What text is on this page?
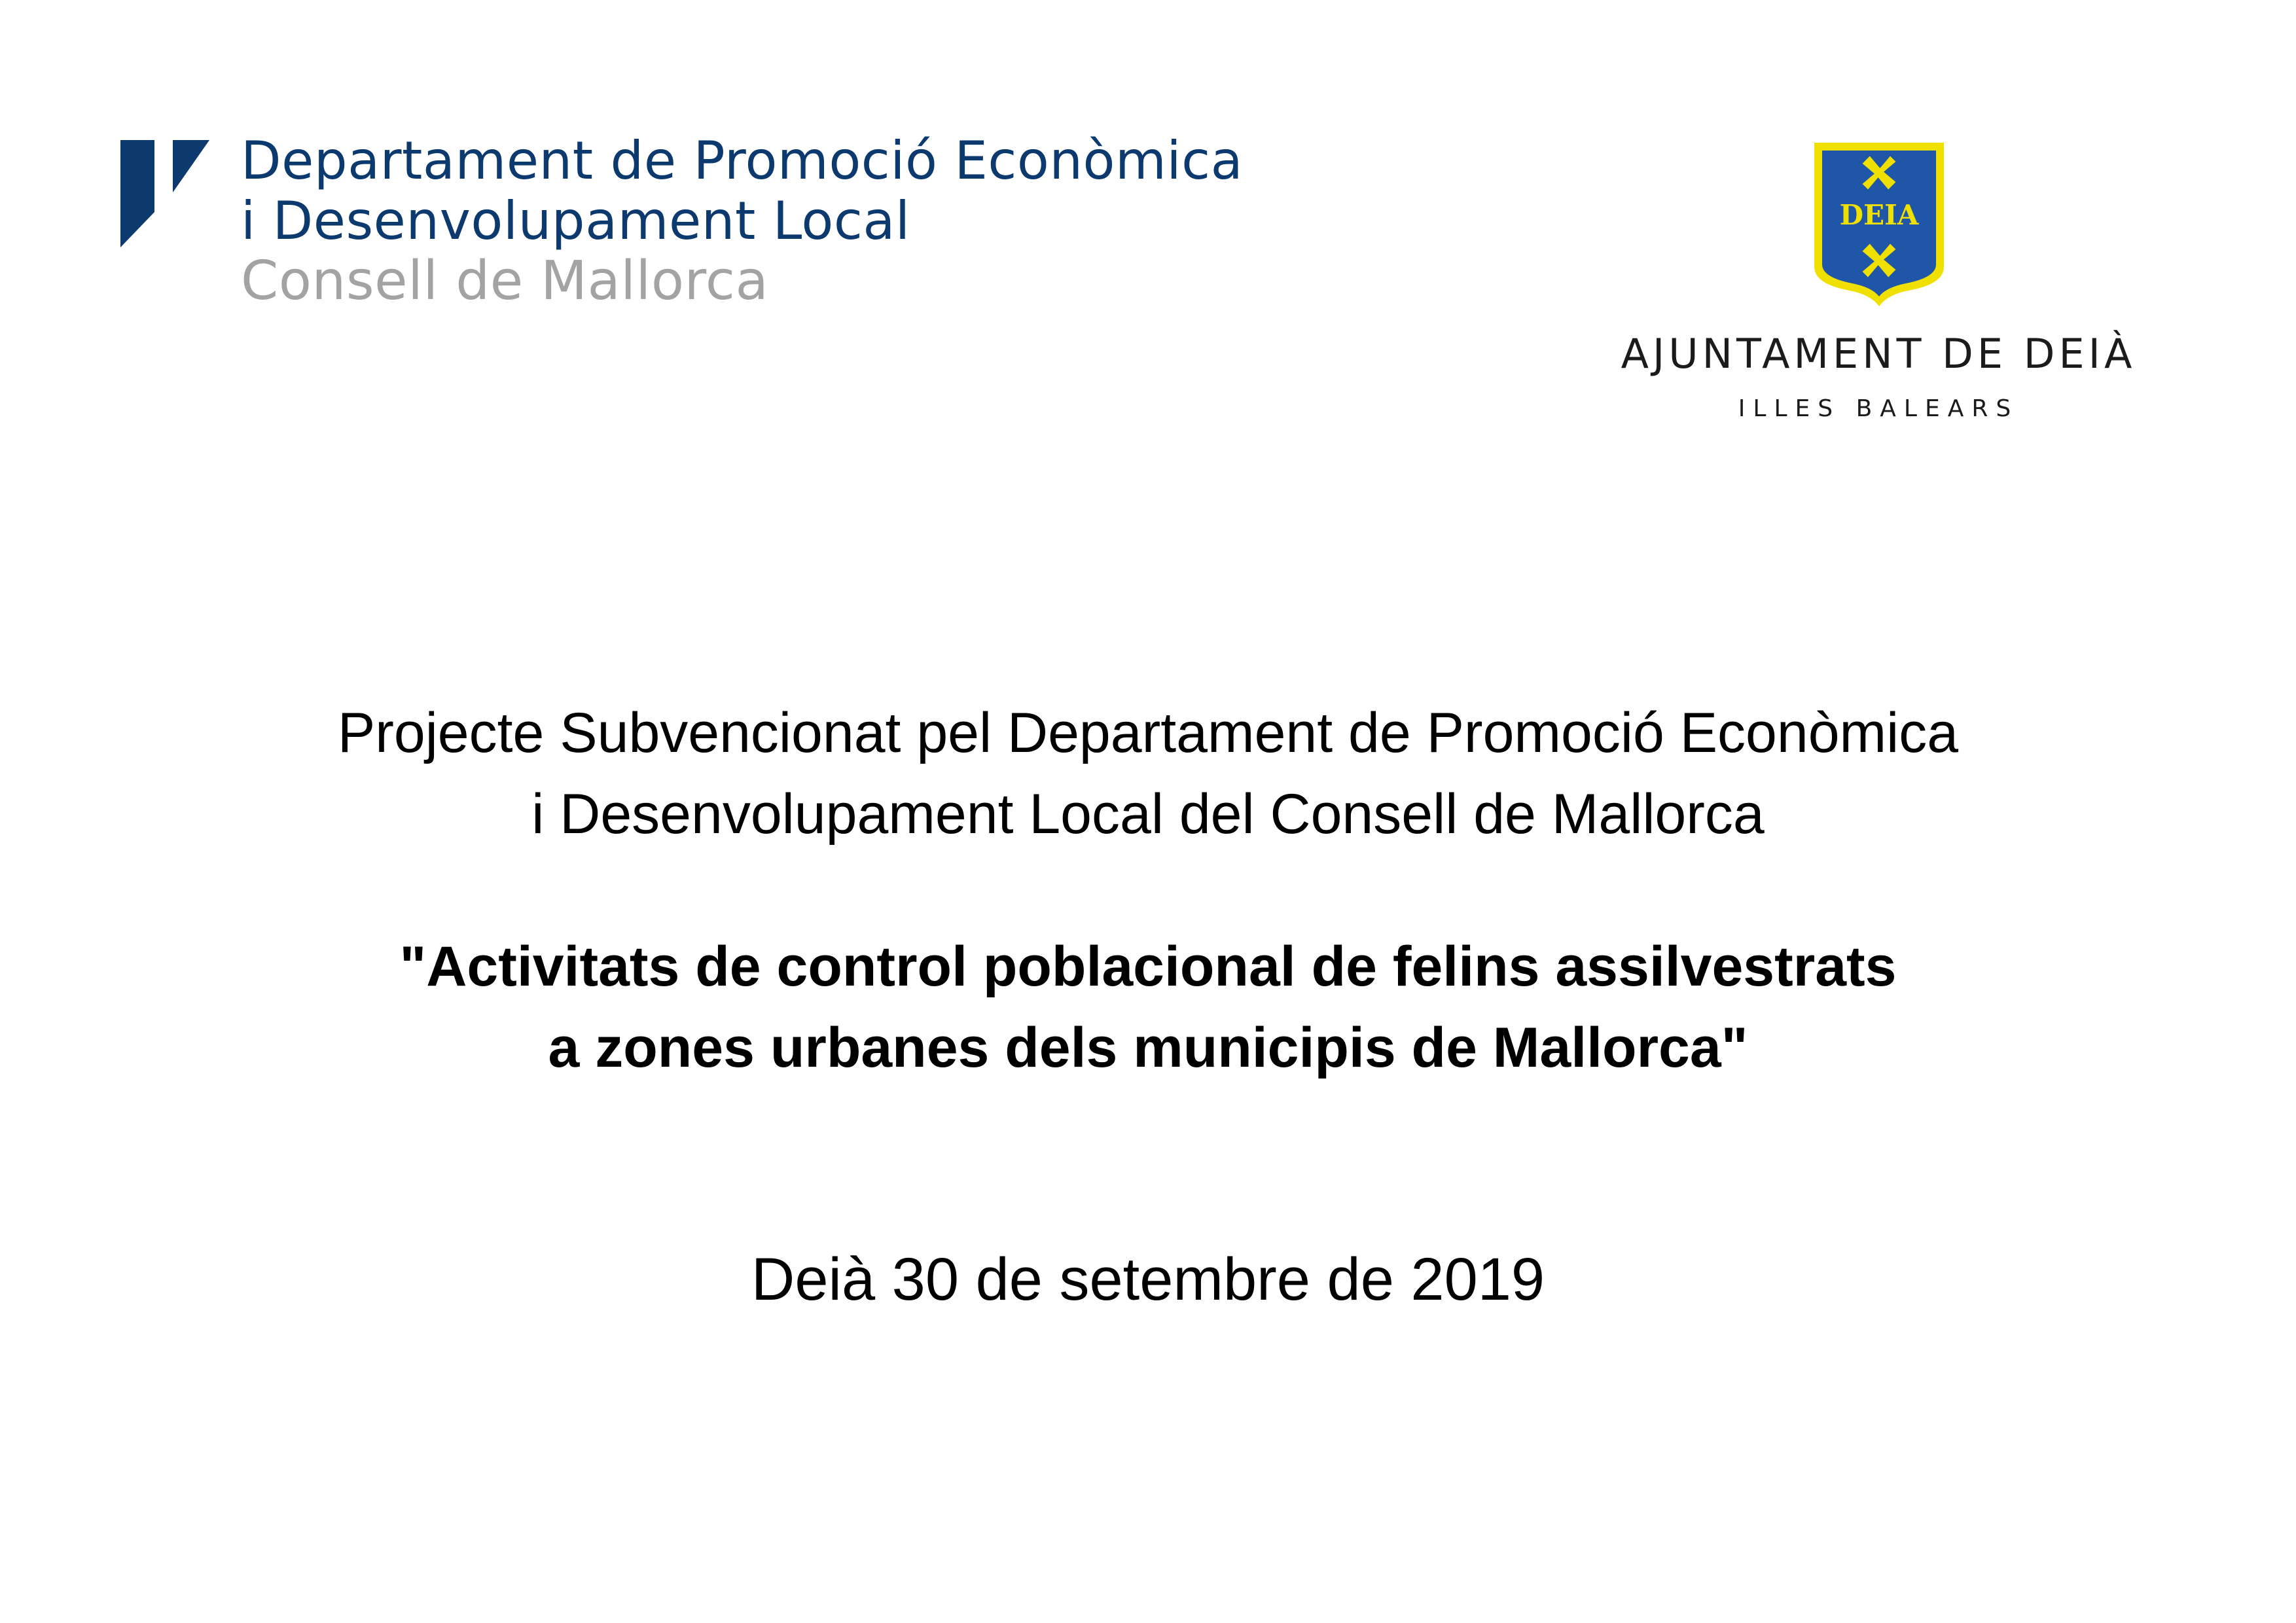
Departament de Promoció Econòmica
i Desenvolupament Local
Consell de Mallorca
DEIA
AJUNTAMENT DE DEIÀ
ILLES BALEARS
Projecte Subvencionat pel Departament de Promoció Econòmica
i Desenvolupament Local del Consell de Mallorca
"Activitats de control poblacional de felins assilvestrats
a zones urbanes dels municipis de Mallorca"
Deià 30 de setembre de 2019
